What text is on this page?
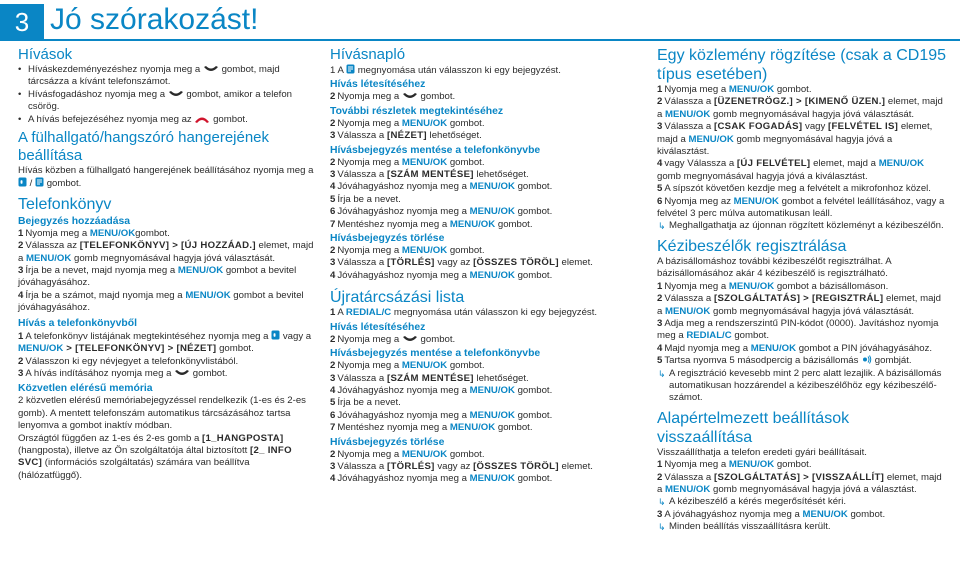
3 Jó szórakozást!
Hívások

• Híváskezdeményezéshez nyomja meg a gombot, majd tárcsázza a kívánt telefonszámot.

• Hívásfogadáshoz nyomja meg a gombot, amikor a telefon csörög.

• A hívás befejezéséhez nyomja meg az gombot.

A fülhallgató/hangszóró hangerejének beállítása

Hívás közben a fülhallgató hangerejének beállításához nyomja meg a
/ gombot.

Telefonkönyv
Bejegyzés hozzáadása

1 Nyomja meg a MENU/OKgombot.

2 Válassza az [TELEFONKÖNYV] > [ÚJ HOZZÁAD.] elemet, majd a MENU/OK gomb megnyomásával hagyja jóvá választását.

3 Írja be a nevet, majd nyomja meg a MENU/OK gombot a bevitel jóváhagyásához.

4 Írja be a számot, majd nyomja meg a MENU/OK gombot a bevitel jóváhagyásához.

Hívás a telefonkönyvből

1 A telefonkönyv listájának megtekintéséhez nyomja meg a
vagy a MENU/OK > [TELEFONKÖNYV] > [NÉZET] gombot.

2 Válasszon ki egy névjegyet a telefonkönyvlistából.

3 A hívás indításához nyomja meg a
gombot.

Közvetlen elérésű memória

2 közvetlen elérésű memóriabejegyzéssel rendelkezik (1-es és 2-es gomb). A mentett telefonszám automatikus tárcsázásához tartsa lenyomva a gombot inaktív módban.

Országtól függően az 1-es és 2-es gomb a [1_HANGPOSTA] (hangposta), illetve az Ön szolgáltatója által biztosított [2_ INFO SVC] (információs szolgáltatás) számára van beállítva (hálózatfüggő).

Hívásnapló

1 A megnyomása után válasszon ki egy bejegyzést.

Hívás létesítéséhez

2 Nyomja meg a
gombot.

További részletek megtekintéséhez

2 Nyomja meg a MENU/OK gombot.

3 Válassza a [NÉZET] lehetőséget.

Hívásbejegyzés mentése a telefonkönyvbe

2 Nyomja meg a MENU/OK gombot.

3 Válassza a [SZÁM MENTÉSE] lehetőséget.

4 Jóváhagyáshoz nyomja meg a MENU/OK gombot.

5 Írja be a nevet.

6 Jóváhagyáshoz nyomja meg a MENU/OK gombot.

7 Mentéshez nyomja meg a MENU/OK gombot.

Hívásbejegyzés törlése

2 Nyomja meg a MENU/OK gombot.

3 Válassza a [TÖRLÉS] vagy az [ÖSSZES TÖRÖL] elemet.

4 Jóváhagyáshoz nyomja meg a MENU/OK gombot.

Újratárcsázási lista

1 A REDIAL/C megnyomása után válasszon ki egy bejegyzést.

Hívás létesítéséhez

2 Nyomja meg a
gombot.

Hívásbejegyzés mentése a telefonkönyvbe

2 Nyomja meg a MENU/OK gombot.

3 Válassza a [SZÁM MENTÉSE] lehetőséget.

4 Jóváhagyáshoz nyomja meg a MENU/OK gombot.

5 Írja be a nevet.

6 Jóváhagyáshoz nyomja meg a MENU/OK gombot.

7 Mentéshez nyomja meg a MENU/OK gombot.

Hívásbejegyzés törlése

2 Nyomja meg a MENU/OK gombot.

3 Válassza a [TÖRLÉS] vagy az [ÖSSZES TÖRÖL] elemet.

4 Jóváhagyáshoz nyomja meg a MENU/OK gombot.

Egy közlemény rögzítése (csak a CD195 típus esetében)

1 Nyomja meg a MENU/OK gombot.

2 Válassza a [ÜZENETRÖGZ.] > [KIMENŐ ÜZEN.] elemet, majd a MENU/OK gomb megnyomásával hagyja jóvá választását.

3 Válassza a [CSAK FOGADÁS] vagy [FELVÉTEL IS] elemet, majd a MENU/OK gomb megnyomásával hagyja jóvá a kiválasztást.

4 vagy Válassza a [ÚJ FELVÉTEL] elemet, majd a MENU/OK gomb megnyomásával hagyja jóvá a kiválasztást.

5 A sípszót követően kezdje meg a felvételt a mikrofonhoz közel.

6 Nyomja meg az MENU/OK gombot a felvétel leállításához, vagy a felvétel 3 perc múlva automatikusan leáll.

↳ Meghallgathatja az újonnan rögzített közleményt a kézibeszélőn.

Kézibeszélők regisztrálása

A bázisállomáshoz további kézibeszélőt regisztrálhat. A bázisállomásához akár 4 kézibeszélő is regisztrálható.

1 Nyomja meg a MENU/OK gombot a bázisállomáson.

2 Válassza a [SZOLGÁLTATÁS] > [REGISZTRÁL] elemet, majd a MENU/OK gomb megnyomásával hagyja jóvá választását.

3 Adja meg a rendszerszintű PIN-kódot (0000). Javításhoz nyomja meg a REDIAL/C gombot.

4 Majd nyomja meg a MENU/OK gombot a PIN jóváhagyásához.

5 Tartsa nyomva 5 másodpercig a bázisállomás
gombját.

↳ A regisztráció kevesebb mint 2 perc alatt lezajlik. A bázisállomás automatikusan hozzárendel a kézibeszélőhöz egy kézibeszélő-számot.

Alapértelmezett beállítások visszaállítása

Visszaállíthatja a telefon eredeti gyári beállításait.

1 Nyomja meg a MENU/OK gombot.

2 Válassza a [SZOLGÁLTATÁS] > [VISSZAÁLLÍT] elemet, majd a MENU/OK gomb megnyomásával hagyja jóvá a választást.

↳ A kézibeszélő a kérés megerősítését kéri.

3 A jóváhagyáshoz nyomja meg a MENU/OK gombot.

↳ Minden beállítás visszaállításra került.
